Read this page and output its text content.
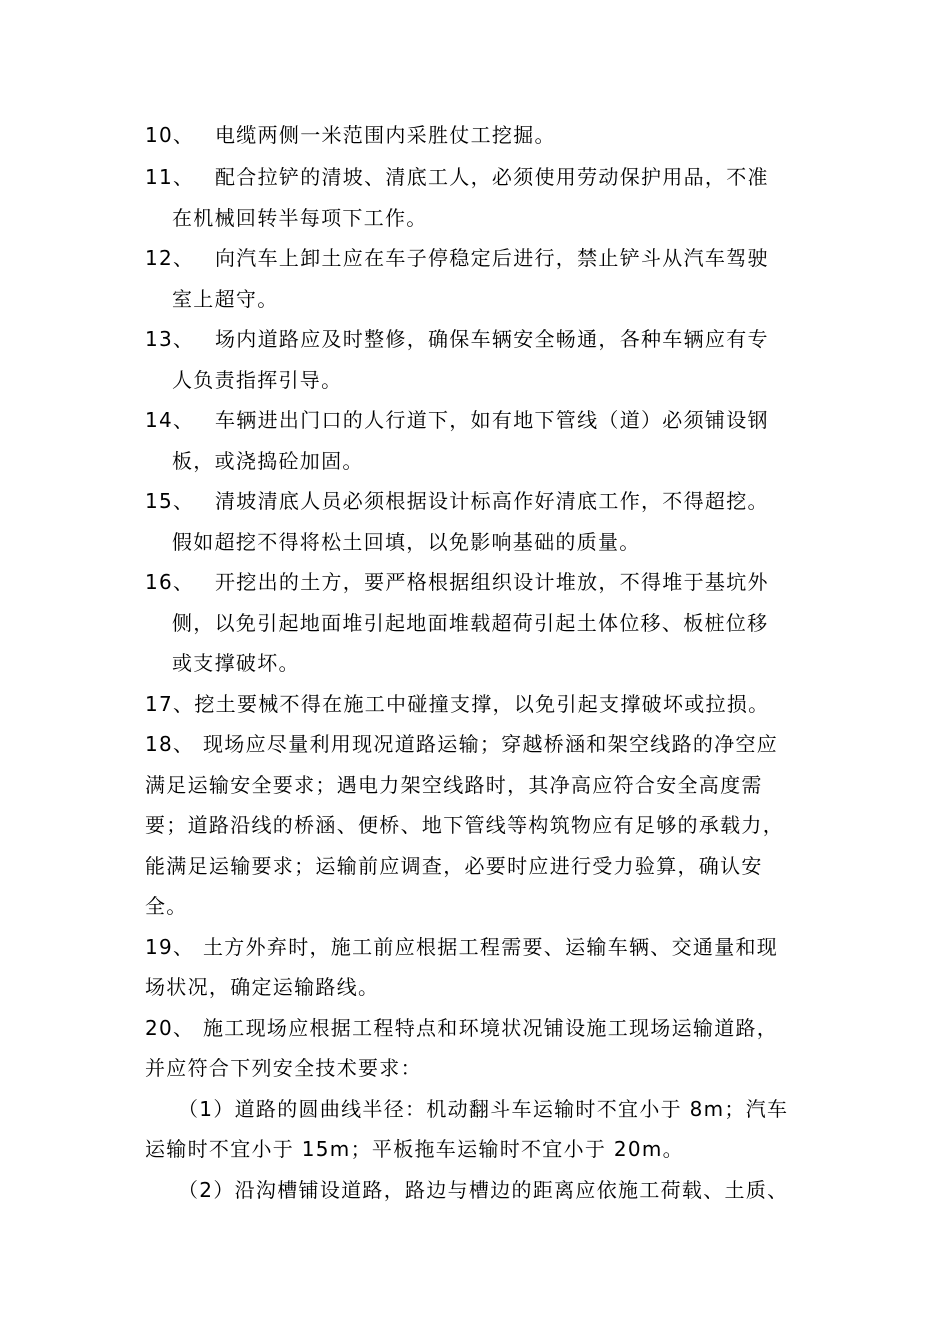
10、 电缆两侧一米范围内采胜仗工挖掘。
11、 配合拉铲的清坡、清底工人，必须使用劳动保护用品，不准
在机械回转半每项下工作。
12、 向汽车上卸土应在车子停稳定后进行，禁止铲斗从汽车驾驶
室上超守。
13、 场内道路应及时整修，确保车辆安全畅通，各种车辆应有专
人负责指挥引导。
14、 车辆进出门口的人行道下，如有地下管线（道）必须铺设钢
板，或浇捣砼加固。
15、 清坡清底人员必须根据设计标高作好清底工作，不得超挖。
假如超挖不得将松土回填，以免影响基础的质量。
16、 开挖出的土方，要严格根据组织设计堆放，不得堆于基坑外
侧，以免引起地面堆引起地面堆载超荷引起土体位移、板桩位移
或支撑破坏。
17、挖土要械不得在施工中碰撞支撑，以免引起支撑破坏或拉损。
18、 现场应尽量利用现况道路运输；穿越桥涵和架空线路的净空应
满足运输安全要求；遇电力架空线路时，其净高应符合安全高度需
要；道路沿线的桥涵、便桥、地下管线等构筑物应有足够的承载力，
能满足运输要求；运输前应调查，必要时应进行受力验算，确认安
全。
19、 土方外弃时，施工前应根据工程需要、运输车辆、交通量和现
场状况，确定运输路线。
20、 施工现场应根据工程特点和环境状况铺设施工现场运输道路，
并应符合下列安全技术要求：
（1）道路的圆曲线半径：机动翻斗车运输时不宜小于 8m；汽车
运输时不宜小于 15m；平板拖车运输时不宜小于 20m。
（2）沿沟槽铺设道路，路边与槽边的距离应依施工荷载、土质、
